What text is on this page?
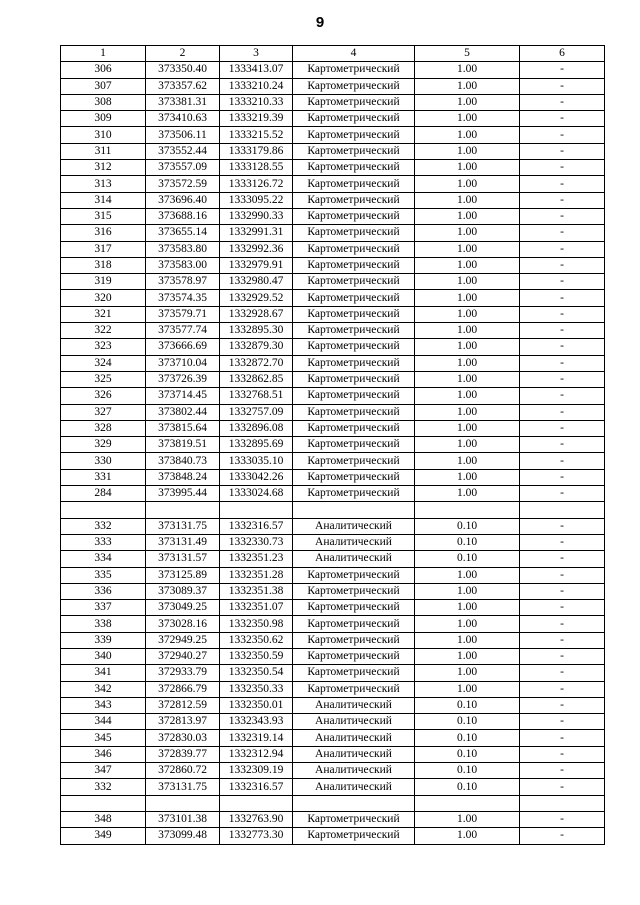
9
1	2	3	4	5	6
306	373350.40	1333413.07	Картометрический	1.00	-
307	373357.62	1333210.24	Картометрический	1.00	-
308	373381.31	1333210.33	Картометрический	1.00	-
309	373410.63	1333219.39	Картометрический	1.00	-
310	373506.11	1333215.52	Картометрический	1.00	-
311	373552.44	1333179.86	Картометрический	1.00	-
312	373557.09	1333128.55	Картометрический	1.00	-
313	373572.59	1333126.72	Картометрический	1.00	-
314	373696.40	1333095.22	Картометрический	1.00	-
315	373688.16	1332990.33	Картометрический	1.00	-
316	373655.14	1332991.31	Картометрический	1.00	-
317	373583.80	1332992.36	Картометрический	1.00	-
318	373583.00	1332979.91	Картометрический	1.00	-
319	373578.97	1332980.47	Картометрический	1.00	-
320	373574.35	1332929.52	Картометрический	1.00	-
321	373579.71	1332928.67	Картометрический	1.00	-
322	373577.74	1332895.30	Картометрический	1.00	-
323	373666.69	1332879.30	Картометрический	1.00	-
324	373710.04	1332872.70	Картометрический	1.00	-
325	373726.39	1332862.85	Картометрический	1.00	-
326	373714.45	1332768.51	Картометрический	1.00	-
327	373802.44	1332757.09	Картометрический	1.00	-
328	373815.64	1332896.08	Картометрический	1.00	-
329	373819.51	1332895.69	Картометрический	1.00	-
330	373840.73	1333035.10	Картометрический	1.00	-
331	373848.24	1333042.26	Картометрический	1.00	-
284	373995.44	1333024.68	Картометрический	1.00	-

332	373131.75	1332316.57	Аналитический	0.10	-
333	373131.49	1332330.73	Аналитический	0.10	-
334	373131.57	1332351.23	Аналитический	0.10	-
335	373125.89	1332351.28	Картометрический	1.00	-
336	373089.37	1332351.38	Картометрический	1.00	-
337	373049.25	1332351.07	Картометрический	1.00	-
338	373028.16	1332350.98	Картометрический	1.00	-
339	372949.25	1332350.62	Картометрический	1.00	-
340	372940.27	1332350.59	Картометрический	1.00	-
341	372933.79	1332350.54	Картометрический	1.00	-
342	372866.79	1332350.33	Картометрический	1.00	-
343	372812.59	1332350.01	Аналитический	0.10	-
344	372813.97	1332343.93	Аналитический	0.10	-
345	372830.03	1332319.14	Аналитический	0.10	-
346	372839.77	1332312.94	Аналитический	0.10	-
347	372860.72	1332309.19	Аналитический	0.10	-
332	373131.75	1332316.57	Аналитический	0.10	-

348	373101.38	1332763.90	Картометрический	1.00	-
349	373099.48	1332773.30	Картометрический	1.00	-
